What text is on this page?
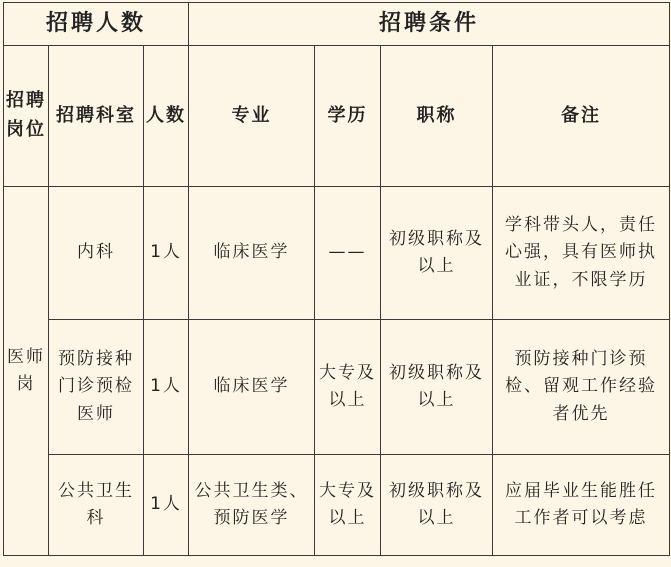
招聘人数			招聘条件			
招聘岗位	招聘科室	人数	专业	学历	职称	备注
医师岗	内科	1人	临床医学	——	初级职称及以上	学科带头人，责任心强，具有医师执业证，不限学历
	预防接种门诊预检医师	1人	临床医学	大专及以上	初级职称及以上	预防接种门诊预检、留观工作经验者优先
	公共卫生科	1人	公共卫生类、预防医学	大专及以上	初级职称及以上	应届毕业生能胜任工作者可以考虑
